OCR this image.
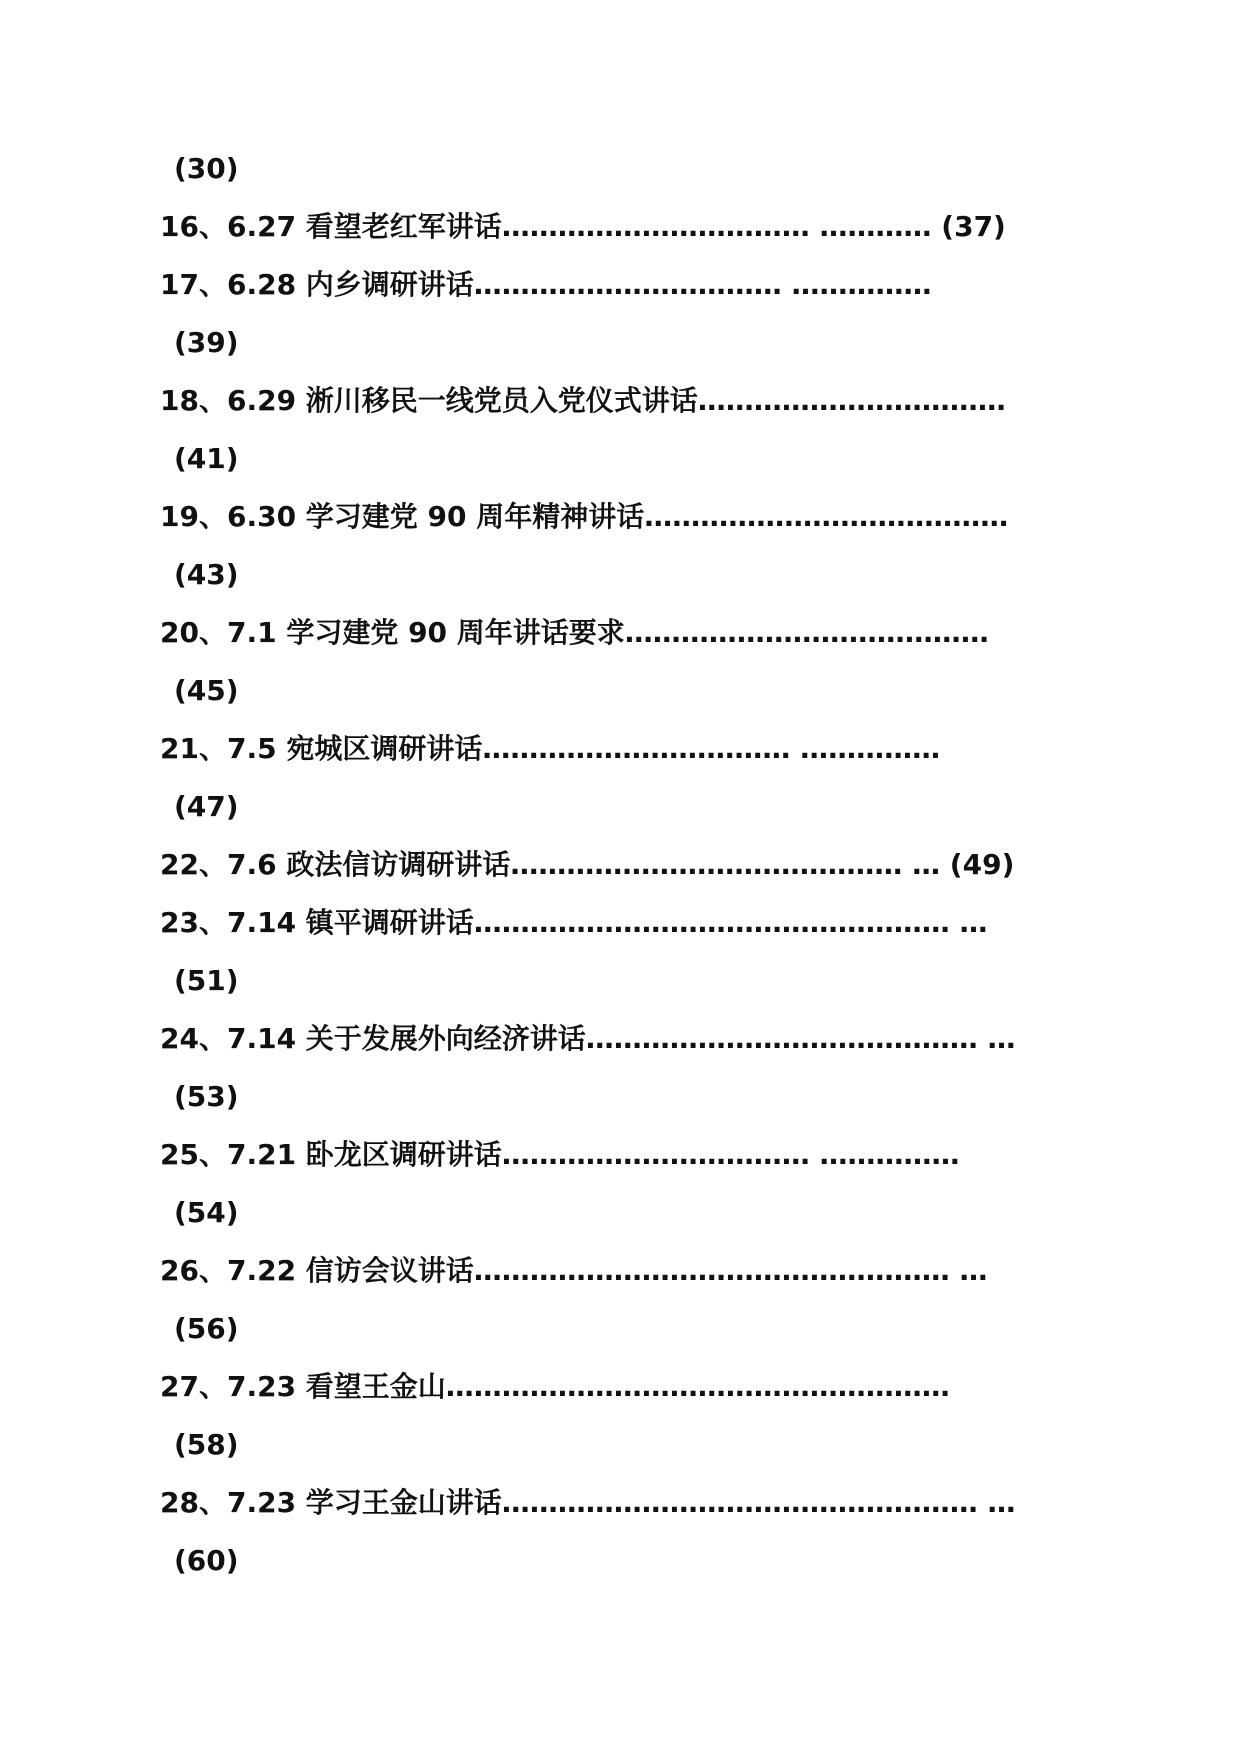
(30)
16、6.27 看望老红军讲话…………………………… ………… (37)
17、6.28 内乡调研讲话…………………………… ……………
(39)
18、6.29 淅川移民一线党员入党仪式讲话……………………………
(41)
19、6.30 学习建党 90 周年精神讲话…………………………………
(43)
20、7.1 学习建党 90 周年讲话要求…………………………………
(45)
21、7.5 宛城区调研讲话…………………………… ……………
(47)
22、7.6 政法信访调研讲话…………………………………… … (49)
23、7.14 镇平调研讲话…………………………………………… …
(51)
24、7.14 关于发展外向经济讲话…………………………………… …
(53)
25、7.21 卧龙区调研讲话…………………………… ……………
(54)
26、7.22 信访会议讲话…………………………………………… …
(56)
27、7.23 看望王金山………………………………………………
(58)
28、7.23 学习王金山讲话…………………………………………… …
(60)
